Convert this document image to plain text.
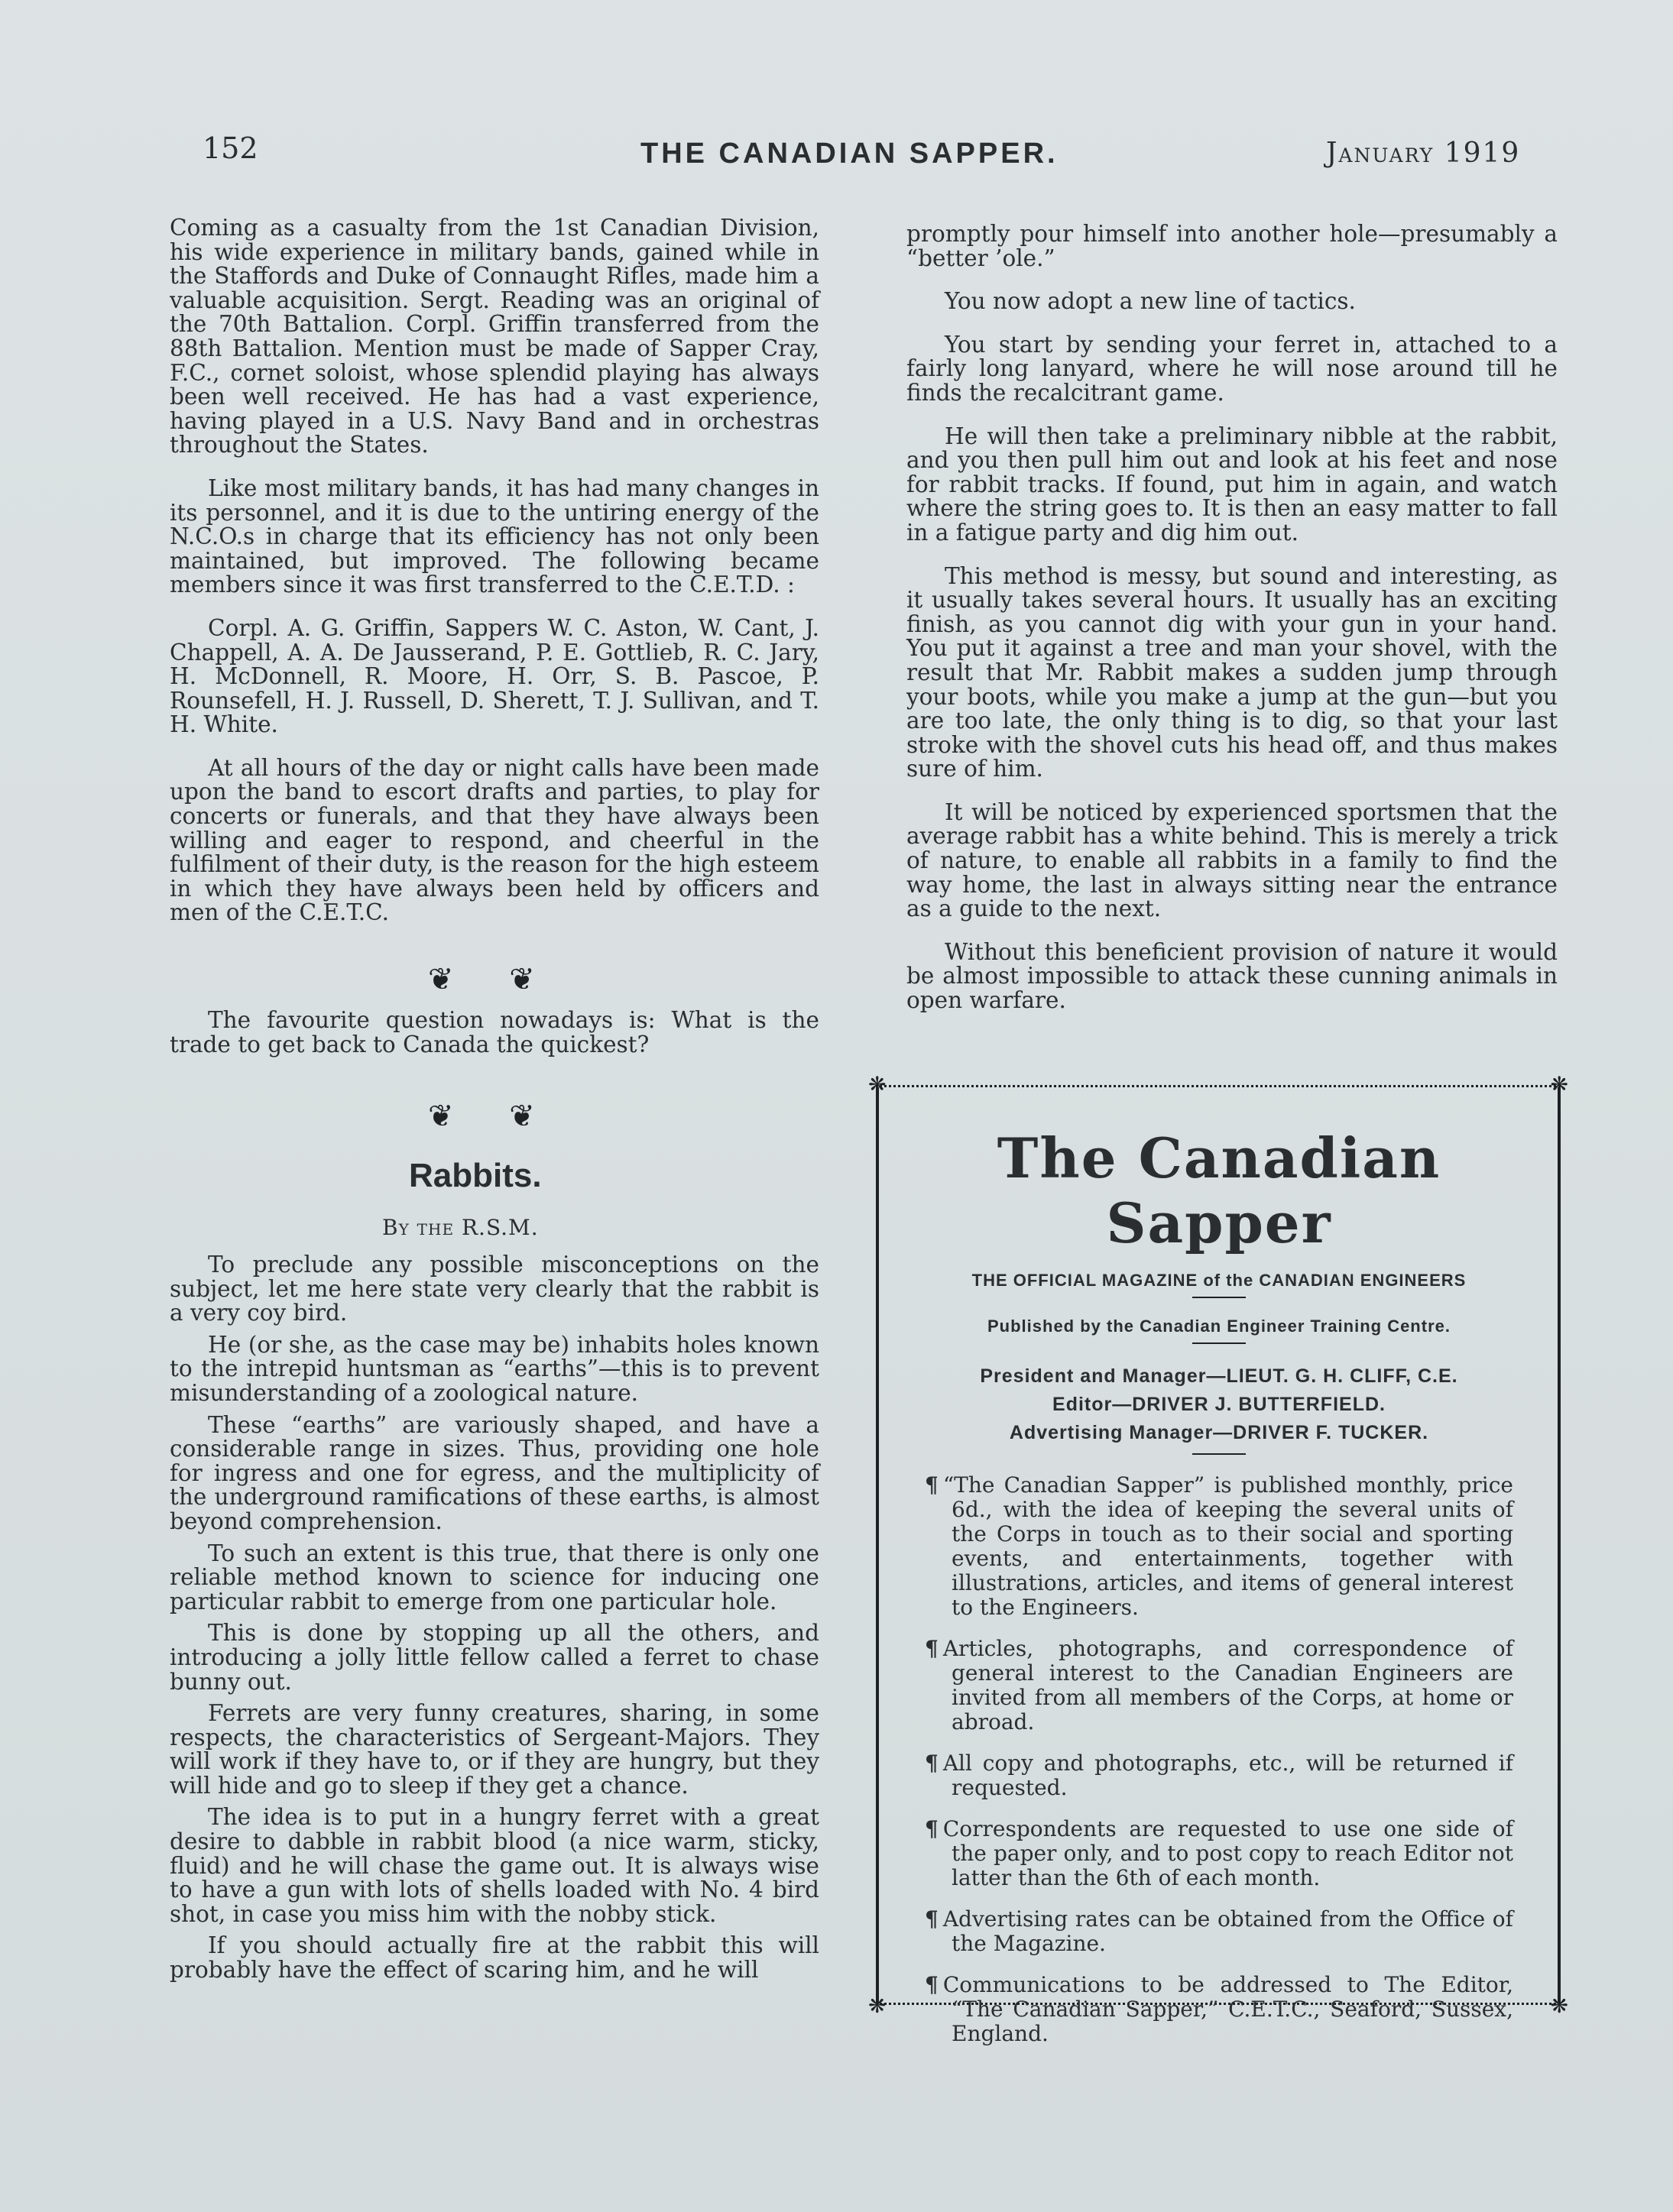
152	THE CANADIAN SAPPER.	January 1919

Coming as a casualty from the 1st Canadian Division, his wide experience in military bands, gained while in the Staffords and Duke of Connaught Rifles, made him a valuable acquisition. Sergt. Reading was an original of the 70th Battalion. Corpl. Griffin transferred from the 88th Battalion. Mention must be made of Sapper Cray, F.C., cornet soloist, whose splendid playing has always been well received. He has had a vast experience, having played in a U.S. Navy Band and in orchestras throughout the States.

Like most military bands, it has had many changes in its personnel, and it is due to the untiring energy of the N.C.O.s in charge that its efficiency has not only been maintained, but improved. The following became members since it was first transferred to the C.E.T.D. :

Corpl. A. G. Griffin, Sappers W. C. Aston, W. Cant, J. Chappell, A. A. De Jausserand, P. E. Gottlieb, R. C. Jary, H. McDonnell, R. Moore, H. Orr, S. B. Pascoe, P. Rounsefell, H. J. Russell, D. Sherett, T. J. Sullivan, and T. H. White.

At all hours of the day or night calls have been made upon the band to escort drafts and parties, to play for concerts or funerals, and that they have always been willing and eager to respond, and cheerful in the fulfilment of their duty, is the reason for the high esteem in which they have always been held by officers and men of the C.E.T.C.

❦ ❦

The favourite question nowadays is: What is the trade to get back to Canada the quickest?

❦ ❦
Rabbits.
By the R.S.M.

To preclude any possible misconceptions on the subject, let me here state very clearly that the rabbit is a very coy bird.

He (or she, as the case may be) inhabits holes known to the intrepid huntsman as “earths”—this is to prevent misunderstanding of a zoological nature.

These “earths” are variously shaped, and have a considerable range in sizes. Thus, providing one hole for ingress and one for egress, and the multiplicity of the underground ramifications of these earths, is almost beyond comprehension.

To such an extent is this true, that there is only one reliable method known to science for inducing one particular rabbit to emerge from one particular hole.

This is done by stopping up all the others, and introducing a jolly little fellow called a ferret to chase bunny out.

Ferrets are very funny creatures, sharing, in some respects, the characteristics of Sergeant-Majors. They will work if they have to, or if they are hungry, but they will hide and go to sleep if they get a chance.

The idea is to put in a hungry ferret with a great desire to dabble in rabbit blood (a nice warm, sticky, fluid) and he will chase the game out. It is always wise to have a gun with lots of shells loaded with No. 4 bird shot, in case you miss him with the nobby stick.

If you should actually fire at the rabbit this will probably have the effect of scaring him, and he will

promptly pour himself into another hole—presumably a “better ’ole.”

You now adopt a new line of tactics.

You start by sending your ferret in, attached to a fairly long lanyard, where he will nose around till he finds the recalcitrant game.

He will then take a preliminary nibble at the rabbit, and you then pull him out and look at his feet and nose for rabbit tracks. If found, put him in again, and watch where the string goes to. It is then an easy matter to fall in a fatigue party and dig him out.

This method is messy, but sound and interesting, as it usually takes several hours. It usually has an exciting finish, as you cannot dig with your gun in your hand. You put it against a tree and man your shovel, with the result that Mr. Rabbit makes a sudden jump through your boots, while you make a jump at the gun—but you are too late, the only thing is to dig, so that your last stroke with the shovel cuts his head off, and thus makes sure of him.

It will be noticed by experienced sportsmen that the average rabbit has a white behind. This is merely a trick of nature, to enable all rabbits in a family to find the way home, the last in always sitting near the entrance as a guide to the next.

Without this beneficient provision of nature it would be almost impossible to attack these cunning animals in open warfare.

❋	❋
❋	❋
The Canadian Sapper
THE OFFICIAL MAGAZINE of the CANADIAN ENGINEERS
Published by the Canadian Engineer Training Centre.
President and Manager—LIEUT. G. H. CLIFF, C.E.
Editor—DRIVER J. BUTTERFIELD.
Advertising Manager—DRIVER F. TUCKER.

¶ “The Canadian Sapper” is published monthly, price 6d., with the idea of keeping the several units of the Corps in touch as to their social and sporting events, and entertainments, together with illustrations, articles, and items of general interest to the Engineers.

¶ Articles, photographs, and correspondence of general interest to the Canadian Engineers are invited from all members of the Corps, at home or abroad.

¶ All copy and photographs, etc., will be returned if requested.

¶ Correspondents are requested to use one side of the paper only, and to post copy to reach Editor not latter than the 6th of each month.

¶ Advertising rates can be obtained from the Office of the Magazine.

¶ Communications to be addressed to The Editor, “The Canadian Sapper,” C.E.T.C., Seaford, Sussex, England.
